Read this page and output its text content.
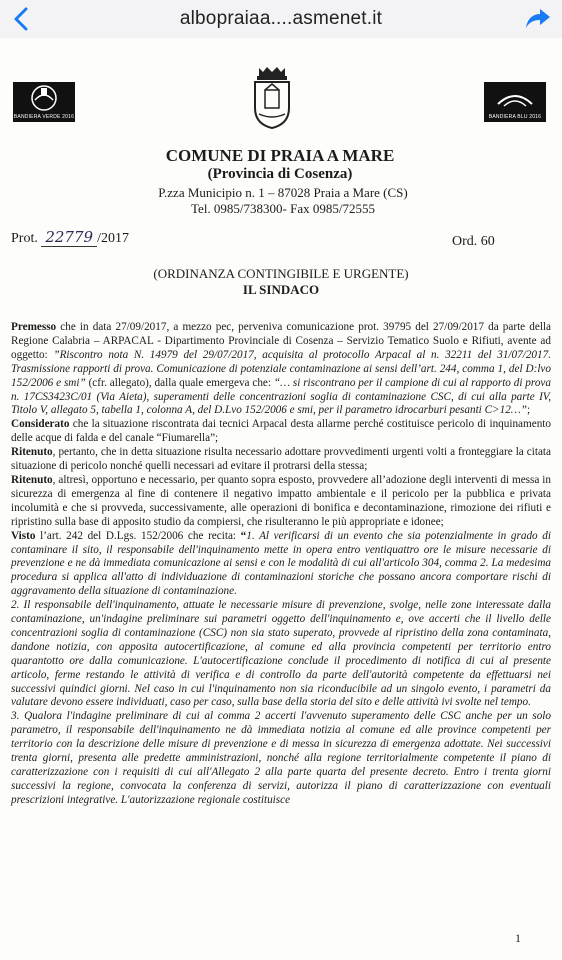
albopraiaa....asmenet.it
BANDIERA VERDE 2016	BANDIERA BLU 2016
COMUNE DI PRAIA A MARE
(Provincia di Cosenza)
P.zza Municipio n. 1 – 87028 Praia a Mare (CS)
Tel. 0985/738300- Fax 0985/72555
Prot. 22779 /2017	Ord. 60
(ORDINANZA CONTINGIBILE E URGENTE)
IL SINDACO

Premesso che in data 27/09/2017, a mezzo pec, perveniva comunicazione prot. 39795 del 27/09/2017 da parte della Regione Calabria – ARPACAL - Dipartimento Provinciale di Cosenza – Servizio Tematico Suolo e Rifiuti, avente ad oggetto: ”Riscontro nota N. 14979 del 29/07/2017, acquisita al protocollo Arpacal al n. 32211 del 31/07/2017. Trasmissione rapporti di prova. Comunicazione di potenziale contaminazione ai sensi dell’art. 244, comma 1, del D:lvo 152/2006 e smi” (cfr. allegato), dalla quale emergeva che: “… si riscontrano per il campione di cui al rapporto di prova n. 17CS3423C/01 (Via Aieta), superamenti delle concentrazioni soglia di contaminazione CSC, di cui alla parte IV, Titolo V, allegato 5, tabella 1, colonna A, del D.Lvo 152/2006 e smi, per il parametro idrocarburi pesanti C>12…”;

Considerato che la situazione riscontrata dai tecnici Arpacal desta allarme perché costituisce pericolo di inquinamento delle acque di falda e del canale “Fiumarella”;

Ritenuto, pertanto, che in detta situazione risulta necessario adottare provvedimenti urgenti volti a fronteggiare la citata situazione di pericolo nonché quelli necessari ad evitare il protrarsi della stessa;

Ritenuto, altresì, opportuno e necessario, per quanto sopra esposto, provvedere all’adozione degli interventi di messa in sicurezza di emergenza al fine di contenere il negativo impatto ambientale e il pericolo per la pubblica e privata incolumità e che si provveda, successivamente, alle operazioni di bonifica e decontaminazione, rimozione dei rifiuti e ripristino sulla base di apposito studio da compiersi, che risulteranno le più appropriate e idonee;

Visto l’art. 242 del D.Lgs. 152/2006 che recita: “1. Al verificarsi di un evento che sia potenzialmente in grado di contaminare il sito, il responsabile dell'inquinamento mette in opera entro ventiquattro ore le misure necessarie di prevenzione e ne dà immediata comunicazione ai sensi e con le modalità di cui all'articolo 304, comma 2. La medesima procedura si applica all'atto di individuazione di contaminazioni storiche che possano ancora comportare rischi di aggravamento della situazione di contaminazione.

2. Il responsabile dell'inquinamento, attuate le necessarie misure di prevenzione, svolge, nelle zone interessate dalla contaminazione, un'indagine preliminare sui parametri oggetto dell'inquinamento e, ove accerti che il livello delle concentrazioni soglia di contaminazione (CSC) non sia stato superato, provvede al ripristino della zona contaminata, dandone notizia, con apposita autocertificazione, al comune ed alla provincia competenti per territorio entro quarantotto ore dalla comunicazione. L'autocertificazione conclude il procedimento di notifica di cui al presente articolo, ferme restando le attività di verifica e di controllo da parte dell'autorità competente da effettuarsi nei successivi quindici giorni. Nel caso in cui l'inquinamento non sia riconducibile ad un singolo evento, i parametri da valutare devono essere individuati, caso per caso, sulla base della storia del sito e delle attività ivi svolte nel tempo.

3. Qualora l'indagine preliminare di cui al comma 2 accerti l'avvenuto superamento delle CSC anche per un solo parametro, il responsabile dell'inquinamento ne dà immediata notizia al comune ed alle province competenti per territorio con la descrizione delle misure di prevenzione e di messa in sicurezza di emergenza adottate. Nei successivi trenta giorni, presenta alle predette amministrazioni, nonché alla regione territorialmente competente il piano di caratterizzazione con i requisiti di cui all'Allegato 2 alla parte quarta del presente decreto. Entro i trenta giorni successivi la regione, convocata la conferenza di servizi, autorizza il piano di caratterizzazione con eventuali prescrizioni integrative. L'autorizzazione regionale costituisce

1
